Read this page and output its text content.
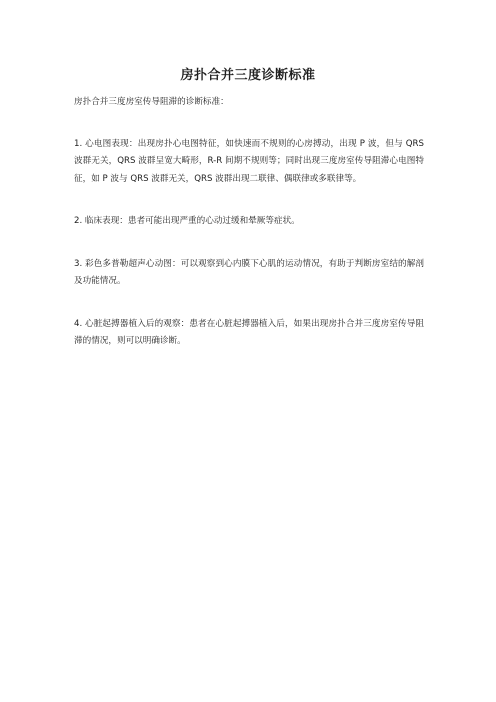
房扑合并三度诊断标准

房扑合并三度房室传导阻滞的诊断标准：

1. 心电图表现：出现房扑心电图特征，如快速而不规则的心房搏动，出现 P 波，但与 QRS 波群无关，QRS 波群呈宽大畸形，R-R 间期不规则等；同时出现三度房室传导阻滞心电图特征，如 P 波与 QRS 波群无关，QRS 波群出现二联律、偶联律或多联律等。

2. 临床表现：患者可能出现严重的心动过缓和晕厥等症状。

3. 彩色多普勒超声心动图：可以观察到心内膜下心肌的运动情况，有助于判断房室结的解剖及功能情况。

4. 心脏起搏器植入后的观察：患者在心脏起搏器植入后，如果出现房扑合并三度房室传导阻滞的情况，则可以明确诊断。
